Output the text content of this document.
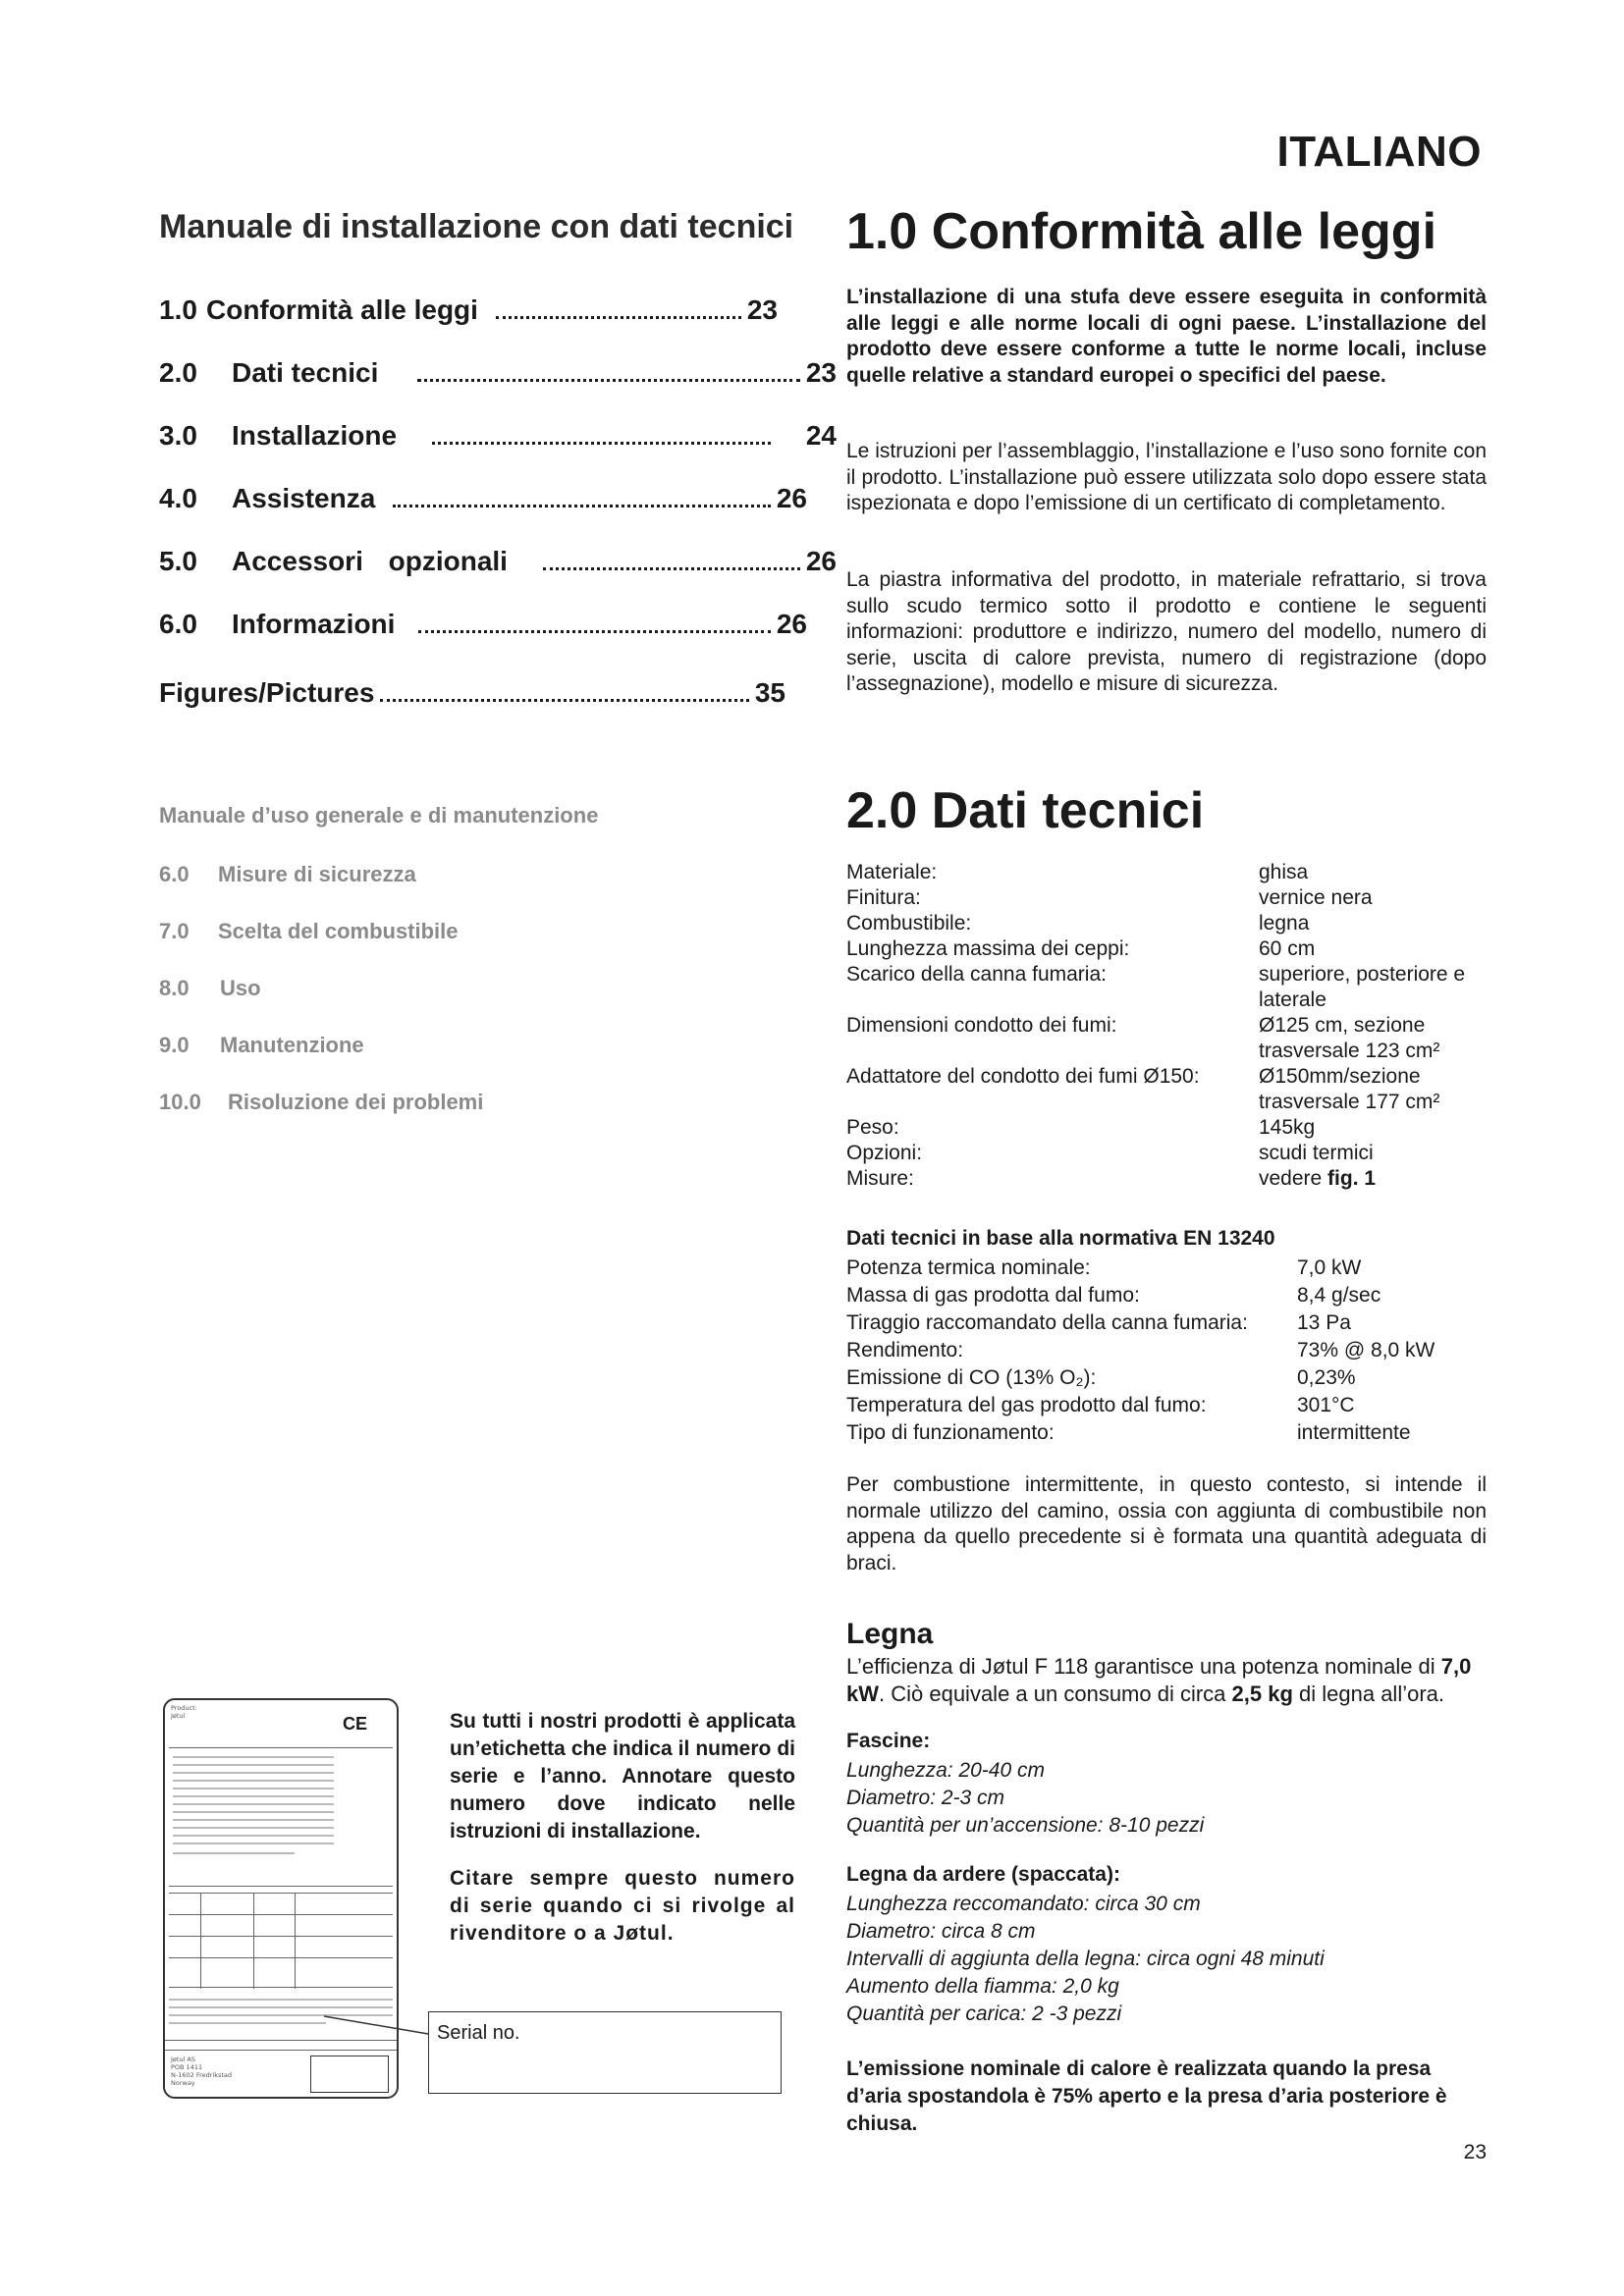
ITALIANO
Manuale di installazione con dati tecnici
1.0 Conformità alle leggi	23
2.0	Dati tecnici	23
3.0	Installazione	24
4.0	Assistenza	26
5.0	Accessori opzionali	26
6.0	Informazioni	26
Figures/Pictures	35
Manuale d’uso generale e di manutenzione
6.0 Misure di sicurezza
7.0 Scelta del combustibile
8.0 Uso
9.0 Manutenzione
10.0 Risoluzione dei problemi
1.0 Conformità alle leggi
L’installazione di una stufa deve essere eseguita in conformità alle leggi e alle norme locali di ogni paese. L’installazione del prodotto deve essere conforme a tutte le norme locali, incluse quelle relative a standard europei o specifici del paese.
Le istruzioni per l’assemblaggio, l’installazione e l’uso sono fornite con il prodotto. L’installazione può essere utilizzata solo dopo essere stata ispezionata e dopo l’emissione di un certificato di completamento.
La piastra informativa del prodotto, in materiale refrattario, si trova sullo scudo termico sotto il prodotto e contiene le seguenti informazioni: produttore e indirizzo, numero del modello, numero di serie, uscita di calore prevista, numero di registrazione (dopo l’assegnazione), modello e misure di sicurezza.
2.0 Dati tecnici
Materiale:	ghisa
Finitura:	vernice nera
Combustibile:	legna
Lunghezza massima dei ceppi:	60 cm
Scarico della canna fumaria:	superiore, posteriore e laterale
Dimensioni condotto dei fumi:	Ø125 cm, sezione trasversale 123 cm²
Adattatore del condotto dei fumi Ø150:	Ø150mm/sezione trasversale 177 cm²
Peso:	145kg
Opzioni:	scudi termici
Misure:	vedere fig. 1
Dati tecnici in base alla normativa EN 13240
Potenza termica nominale:	7,0 kW
Massa di gas prodotta dal fumo:	8,4 g/sec
Tiraggio raccomandato della canna fumaria:	13 Pa
Rendimento:	73% @ 8,0 kW
Emissione di CO (13% O₂):	0,23%
Temperatura del gas prodotto dal fumo:	301°C
Tipo di funzionamento:	intermittente
Per combustione intermittente, in questo contesto, si intende il normale utilizzo del camino, ossia con aggiunta di combustibile non appena da quello precedente si è formata una quantità adeguata di braci.
Legna
L’efficienza di Jøtul F 118 garantisce una potenza nominale di 7,0 kW. Ciò equivale a un consumo di circa 2,5 kg di legna all’ora.
Fascine:
Lunghezza: 20-40 cm
Diametro: 2-3 cm
Quantità per un’accensione: 8-10 pezzi
Legna da ardere (spaccata):
Lunghezza reccomandato: circa 30 cm
Diametro: circa 8 cm
Intervalli di aggiunta della legna: circa ogni 48 minuti
Aumento della fiamma: 2,0 kg
Quantità per carica: 2 -3 pezzi
L’emissione nominale di calore è realizzata quando la presa d’aria spostandola è 75% aperto e la presa d’aria posteriore è chiusa.
Product:
Jøtul	CE
Jøtul AS
POB 1411
N-1602 Fredrikstad
Norway
Serial no.
Su tutti i nostri prodotti è applicata un’etichetta che indica il numero di serie e l’anno. Annotare questo numero dove indicato nelle istruzioni di installazione.
Citare sempre questo numero di serie quando ci si rivolge al rivenditore o a Jøtul.
23
